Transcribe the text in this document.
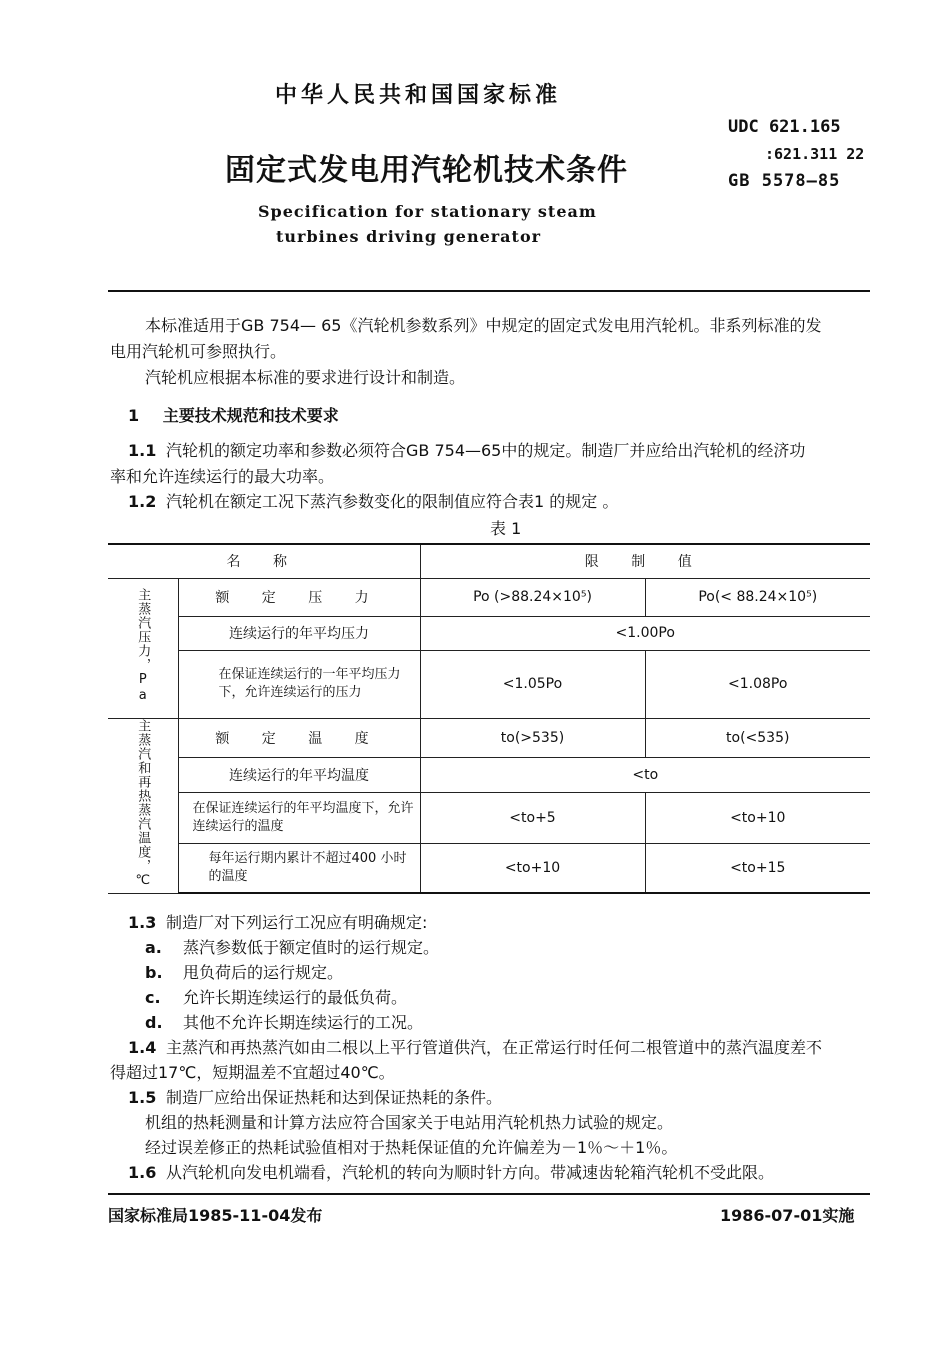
中华人民共和国国家标准
固定式发电用汽轮机技术条件
UDC 621.165
:621.311 22
GB 5578—85
Specification for stationary steam
turbines driving generator
本标准适用于GB 754— 65《汽轮机参数系列》中规定的固定式发电用汽轮机。非系列标准的发
电用汽轮机可参照执行。
汽轮机应根据本标准的要求进行设计和制造。
1 主要技术规范和技术要求
1.1 汽轮机的额定功率和参数必须符合GB 754—65中的规定。制造厂并应给出汽轮机的经济功
率和允许连续运行的最大功率。
1.2 汽轮机在额定工况下蒸汽参数变化的限制值应符合表1 的规定 。
表 1
名 称		限 制 值	
主蒸汽压力，Pa	额 定 压 力	Po (>88.24×10⁵)	Po(< 88.24×10⁵)
	连续运行的年平均压力	<1.00Po	
	在保证连续运行的一年平均压力下，允许连续运行的压力	<1.05Po	<1.08Po
主蒸汽和再热蒸汽温度，℃	额 定 温 度	to(>535)	to(<535)
	连续运行的年平均温度	<to	
	在保证连续运行的年平均温度下，允许连续运行的温度	<to+5	<to+10
	每年运行期内累计不超过400 小时的温度	<to+10	<to+15
1.3 制造厂对下列运行工况应有明确规定:
a. 蒸汽参数低于额定值时的运行规定。
b. 甩负荷后的运行规定。
c. 允许长期连续运行的最低负荷。
d. 其他不允许长期连续运行的工况。
1.4 主蒸汽和再热蒸汽如由二根以上平行管道供汽，在正常运行时任何二根管道中的蒸汽温度差不
得超过17℃，短期温差不宜超过40℃。
1.5 制造厂应给出保证热耗和达到保证热耗的条件。
机组的热耗测量和计算方法应符合国家关于电站用汽轮机热力试验的规定。
经过误差修正的热耗试验值相对于热耗保证值的允许偏差为－1％～＋1％。
1.6 从汽轮机向发电机端看，汽轮机的转向为顺时针方向。带减速齿轮箱汽轮机不受此限。
国家标准局1985-11-04发布	1986-07-01实施
